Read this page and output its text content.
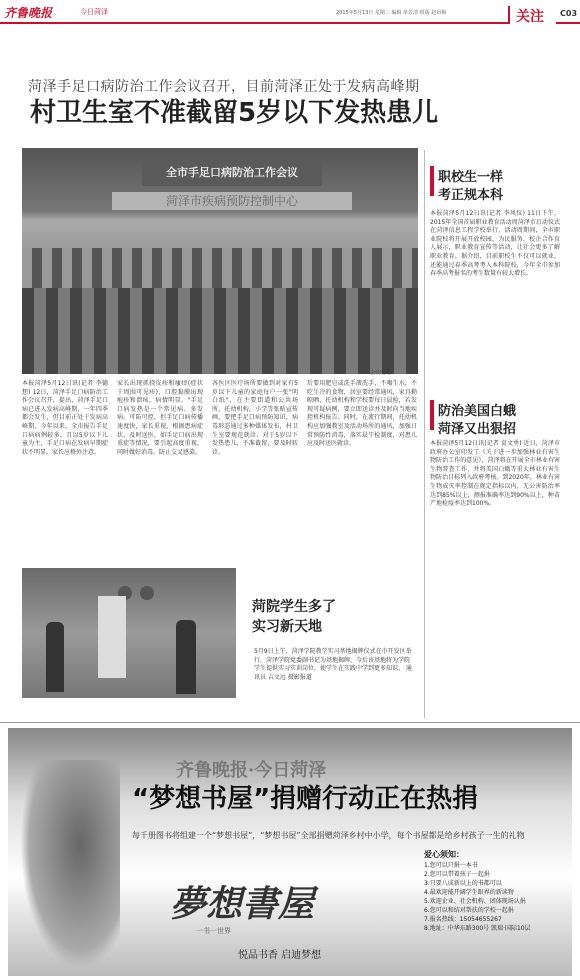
齐鲁晚报	今日菏泽	2015年5月13日 星期三 编辑 单芳清 组版 赵昂梅	关注	C03
菏泽手足口病防治工作会议召开，目前菏泽正处于发病高峰期
村卫生室不准截留5岁以下发热患儿
全市手足口病防治工作会议
菏泽市疾病预防控制中心
会议现场。
本报菏泽5月12日讯(记者 李德想) 12日，菏泽手足口病防治工作会议召开，提出，菏泽手足口病已进入发病高峰期，一年四季都会发生，但目前正处于发病高峰期，今年以来，全市报告手足口病病例较多，且以5岁以下儿童为主，手足口病在发病早期症状不明显，家长应格外注意。
家长出现抓挠皮疹和瘙痒(症状于周围可见疹)，口腔黏膜出现疱疹和溃疡，病情明显。"手足口病发热是一个常见病、多发病，可防可控，但手足口病传播速度快，家长重视，根据患病症状，及时送医，如手足口病出现重症等情况，要引起高度重视，同时做好消毒，防止交叉感染。
各医区医疗场所要做到对家有5岁以下儿童的家庭每户一张"明白纸"，在主要街道和公共场所，托幼机构，小学等张贴宣传画，要把手足口病预防知识，病毒形态通过多种媒体发布，村卫生室要规范就诊，对于5岁以下发热患儿，不准截留，要及时转诊。
后要用肥皂或洗手液洗手，不喝生水，不吃生冷的食物，居室要经常通风，家具勤晾晒，托幼机构和学校要每日晨检，若发现可疑病例，要立即送诊并及时向当地疾控机构报告。同时，在流行期间，托幼机构应加强教室及活动场所的通风，加强日常预防性消毒，落实晨午检制度，对患儿应及时送医就诊。
职校生一样
考正规本科
本报菏泽5月12日讯(记者 李凤仪) 11日下午，2015年全国首届职业教育活动周菏泽市启动仪式在菏泽信息工程学校举行，活动周期间，全市职业院校将开展开放校园，为民服务，校企合作育人展示，职业教育宣传等活动，让社会更多了解职业教育。据介绍，目前职校生不仅可以就业，还能通过春季高考考入本科院校，今年全市参加春季高考报名的考生数量有较大增长。
防治美国白蛾
菏泽又出狠招
本报菏泽5月12日讯(记者 袁文勇) 近日，菏泽市政府办公室印发了《关于进一步加强林业有害生物防治工作的意见》，菏泽将在开展全市林业有害生物普查工作，并将美国白蛾等重大林业有害生物防治目标列入政府考核。到2020年，林业有害生物成灾率控制在规定指标以内，无公害防治率达到85%以上，测报准确率达到90%以上，种苗产地检疫率达到100%。
菏院学生多了
实习新天地
5月9日上午，菏泽学院教学实习基地揭牌仪式在市开发区举行，菏泽学院党委副书记为基地揭牌，今后该基地将为学院学生提供实习实训岗位，使学生在实践中学到更多知识。 通讯员 吉文远 摄影报道
齐鲁晚报·今日菏泽
“梦想书屋”捐赠行动正在热捐
每千册图书将组建一个“梦想书屋”，“梦想书屋”全部捐赠菏泽乡村中小学，每个书屋都是给乡村孩子一生的礼物
夢想書屋
一书一世界
悦品书香 启迪梦想
爱心须知：
1.您可以只捐一本书
2.您可以带着孩子一起捐
3.只要八成新以上的书都可以
4.最欢迎能开阔学生眼界的新读物
5.欢迎企业、社会机构、团体现场认捐
6.您可以和结对帮扶的学校一起捐
7.报名热线：15054655267
8.地址：中华东路300号 凯瑞·国际10层
